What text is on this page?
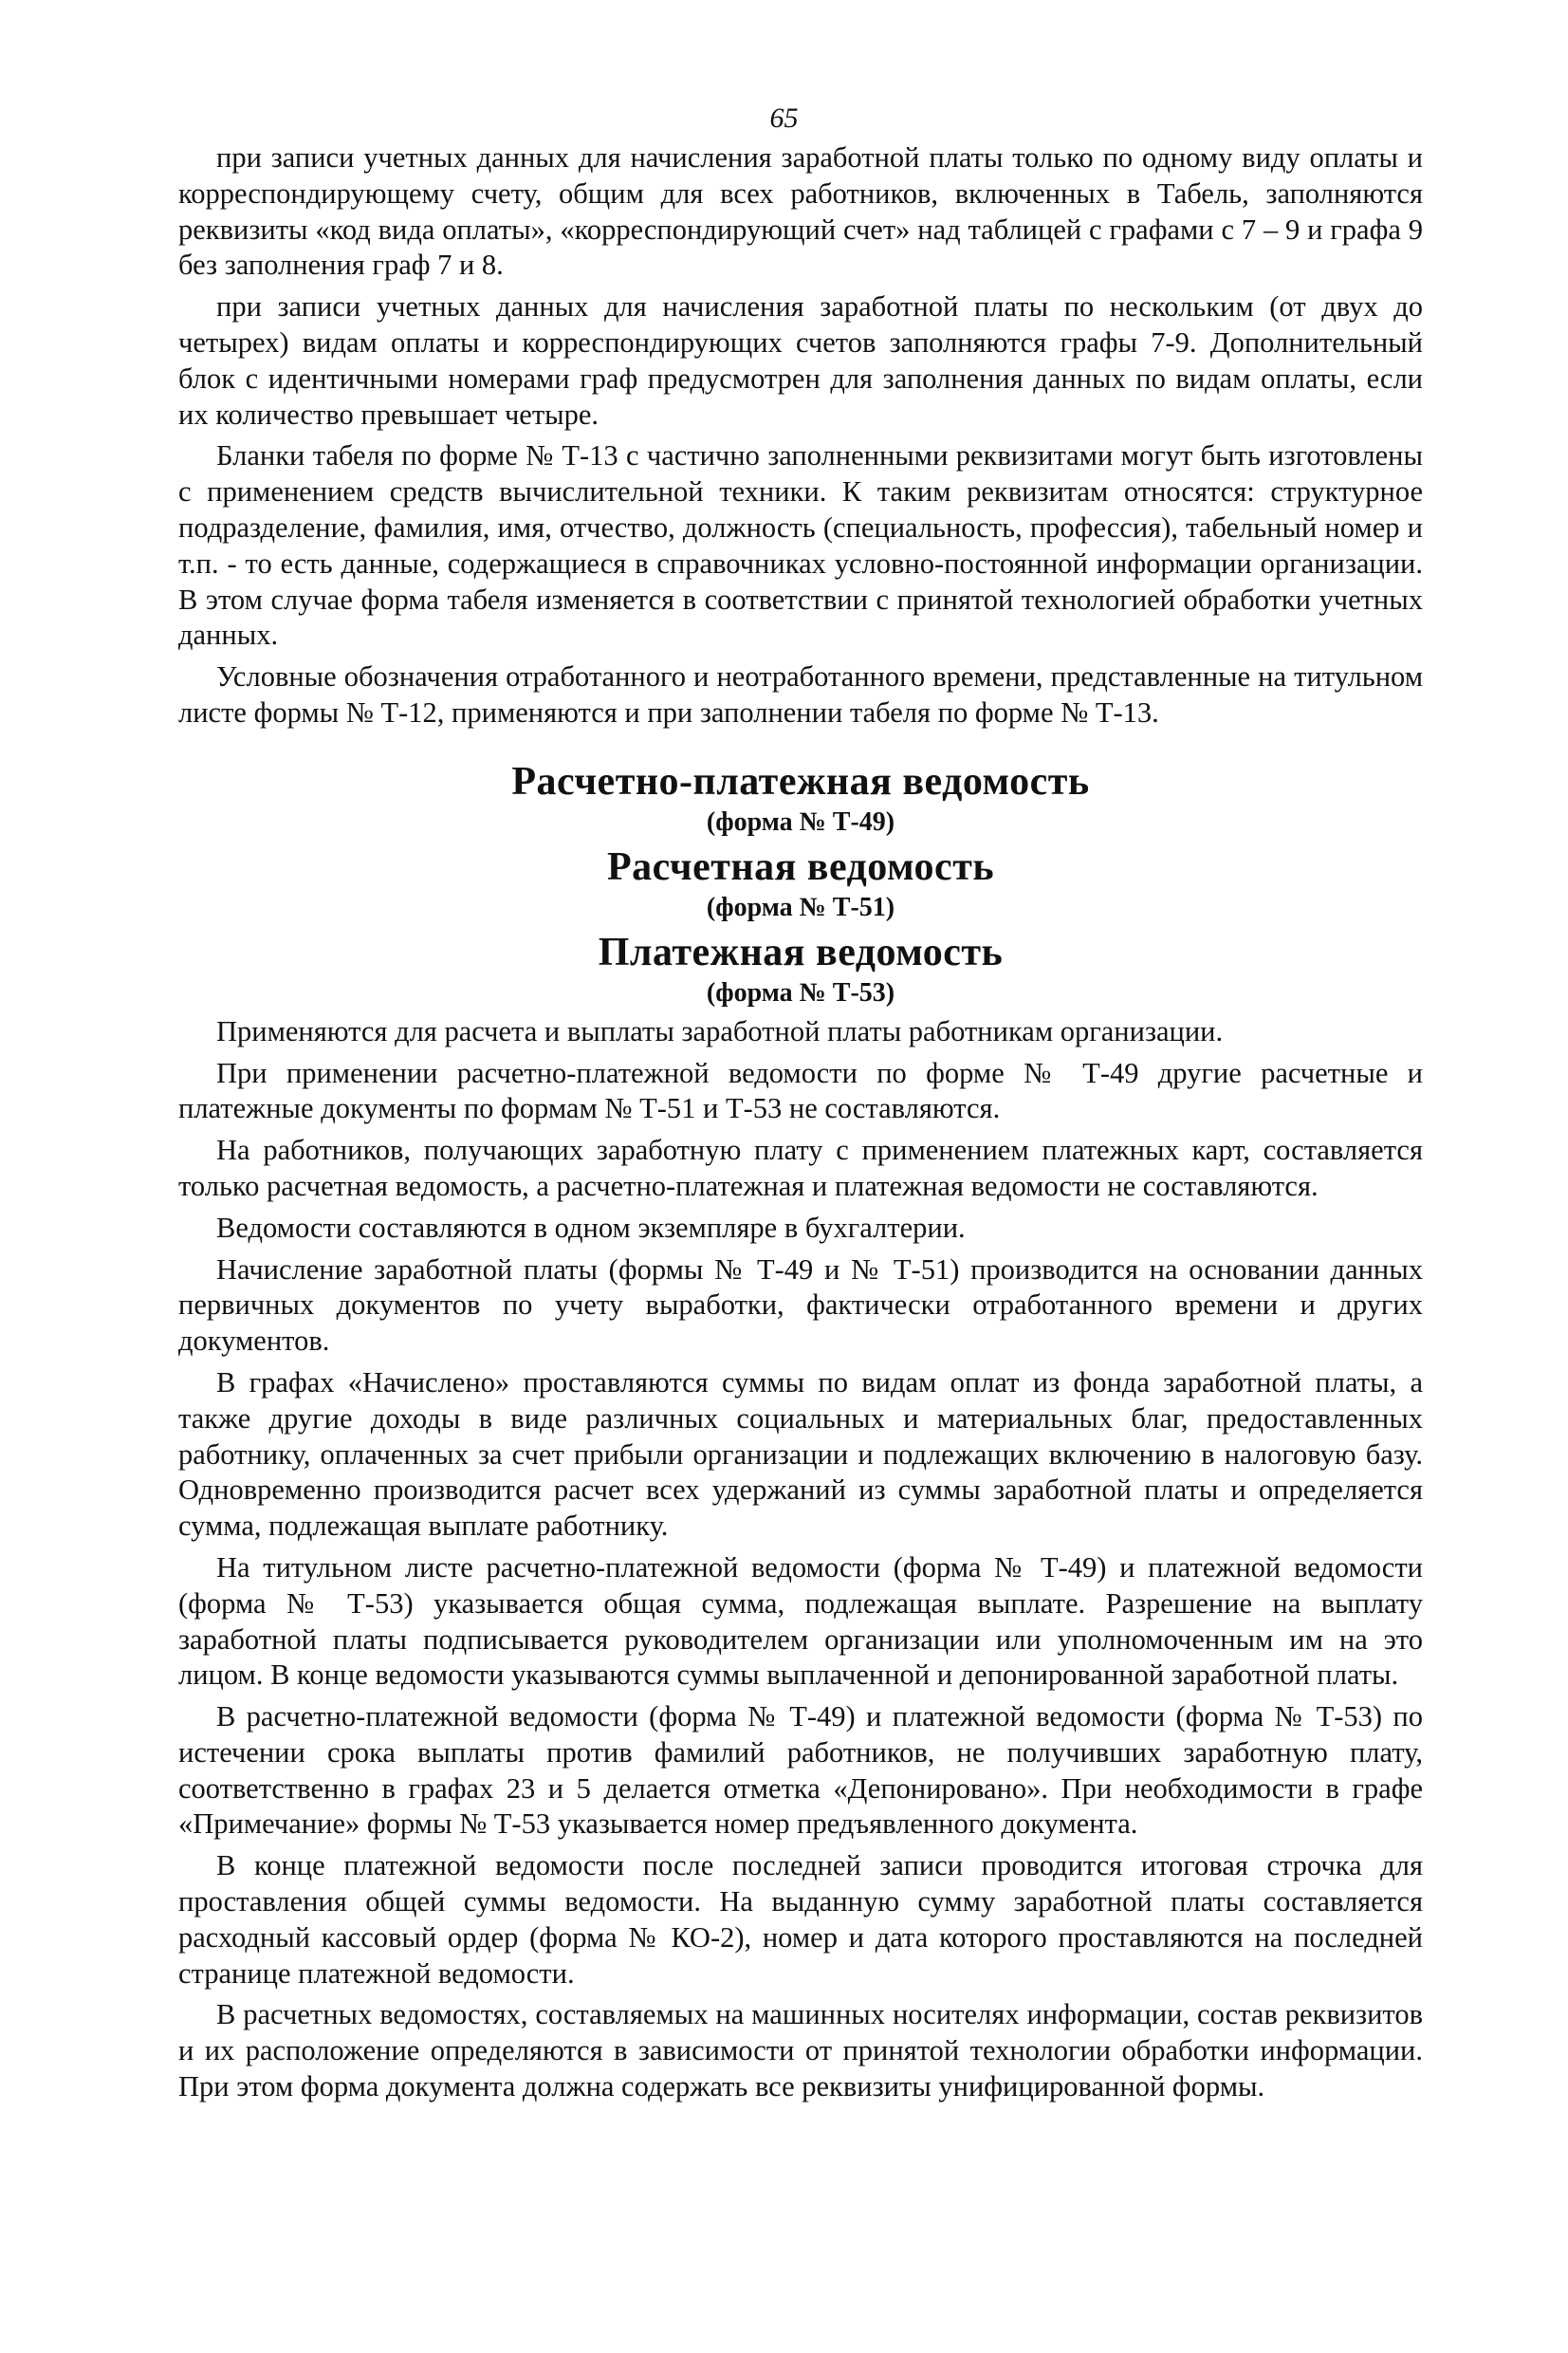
65

при записи учетных данных для начисления заработной платы только по одному виду оплаты и корреспондирующему счету, общим для всех работников, включенных в Табель, заполняются реквизиты «код вида оплаты», «корреспондирующий счет» над таблицей с графами с 7 – 9 и графа 9 без заполнения граф 7 и 8.

при записи учетных данных для начисления заработной платы по нескольким (от двух до четырех) видам оплаты и корреспондирующих счетов заполняются графы 7-9. Дополнительный блок с идентичными номерами граф предусмотрен для заполнения данных по видам оплаты, если их количество превышает четыре.

Бланки табеля по форме № Т-13 с частично заполненными реквизитами могут быть изготовлены с применением средств вычислительной техники. К таким реквизитам относятся: структурное подразделение, фамилия, имя, отчество, должность (специальность, профессия), табельный номер и т.п. - то есть данные, содержащиеся в справочниках условно-постоянной информации организации. В этом случае форма табеля изменяется в соответствии с принятой технологией обработки учетных данных.

Условные обозначения отработанного и неотработанного времени, представленные на титульном листе формы № Т-12, применяются и при заполнении табеля по форме № Т-13.

Расчетно-платежная ведомость
(форма № Т-49)
Расчетная ведомость
(форма № Т-51)
Платежная ведомость
(форма № Т-53)

Применяются для расчета и выплаты заработной платы работникам организации.

При применении расчетно-платежной ведомости по форме № Т-49 другие расчетные и платежные документы по формам № Т-51 и Т-53 не составляются.

На работников, получающих заработную плату с применением платежных карт, составляется только расчетная ведомость, а расчетно-платежная и платежная ведомости не составляются.

Ведомости составляются в одном экземпляре в бухгалтерии.

Начисление заработной платы (формы № Т-49 и № Т-51) производится на основании данных первичных документов по учету выработки, фактически отработанного времени и других документов.

В графах «Начислено» проставляются суммы по видам оплат из фонда заработной платы, а также другие доходы в виде различных социальных и материальных благ, предоставленных работнику, оплаченных за счет прибыли организации и подлежащих включению в налоговую базу. Одновременно производится расчет всех удержаний из суммы заработной платы и определяется сумма, подлежащая выплате работнику.

На титульном листе расчетно-платежной ведомости (форма № Т-49) и платежной ведомости (форма № Т-53) указывается общая сумма, подлежащая выплате. Разрешение на выплату заработной платы подписывается руководителем организации или уполномоченным им на это лицом. В конце ведомости указываются суммы выплаченной и депонированной заработной платы.

В расчетно-платежной ведомости (форма № Т-49) и платежной ведомости (форма № Т-53) по истечении срока выплаты против фамилий работников, не получивших заработную плату, соответственно в графах 23 и 5 делается отметка «Депонировано». При необходимости в графе «Примечание» формы № Т-53 указывается номер предъявленного документа.

В конце платежной ведомости после последней записи проводится итоговая строчка для проставления общей суммы ведомости. На выданную сумму заработной платы составляется расходный кассовый ордер (форма № КО-2), номер и дата которого проставляются на последней странице платежной ведомости.

В расчетных ведомостях, составляемых на машинных носителях информации, состав реквизитов и их расположение определяются в зависимости от принятой технологии обработки информации. При этом форма документа должна содержать все реквизиты унифицированной формы.
